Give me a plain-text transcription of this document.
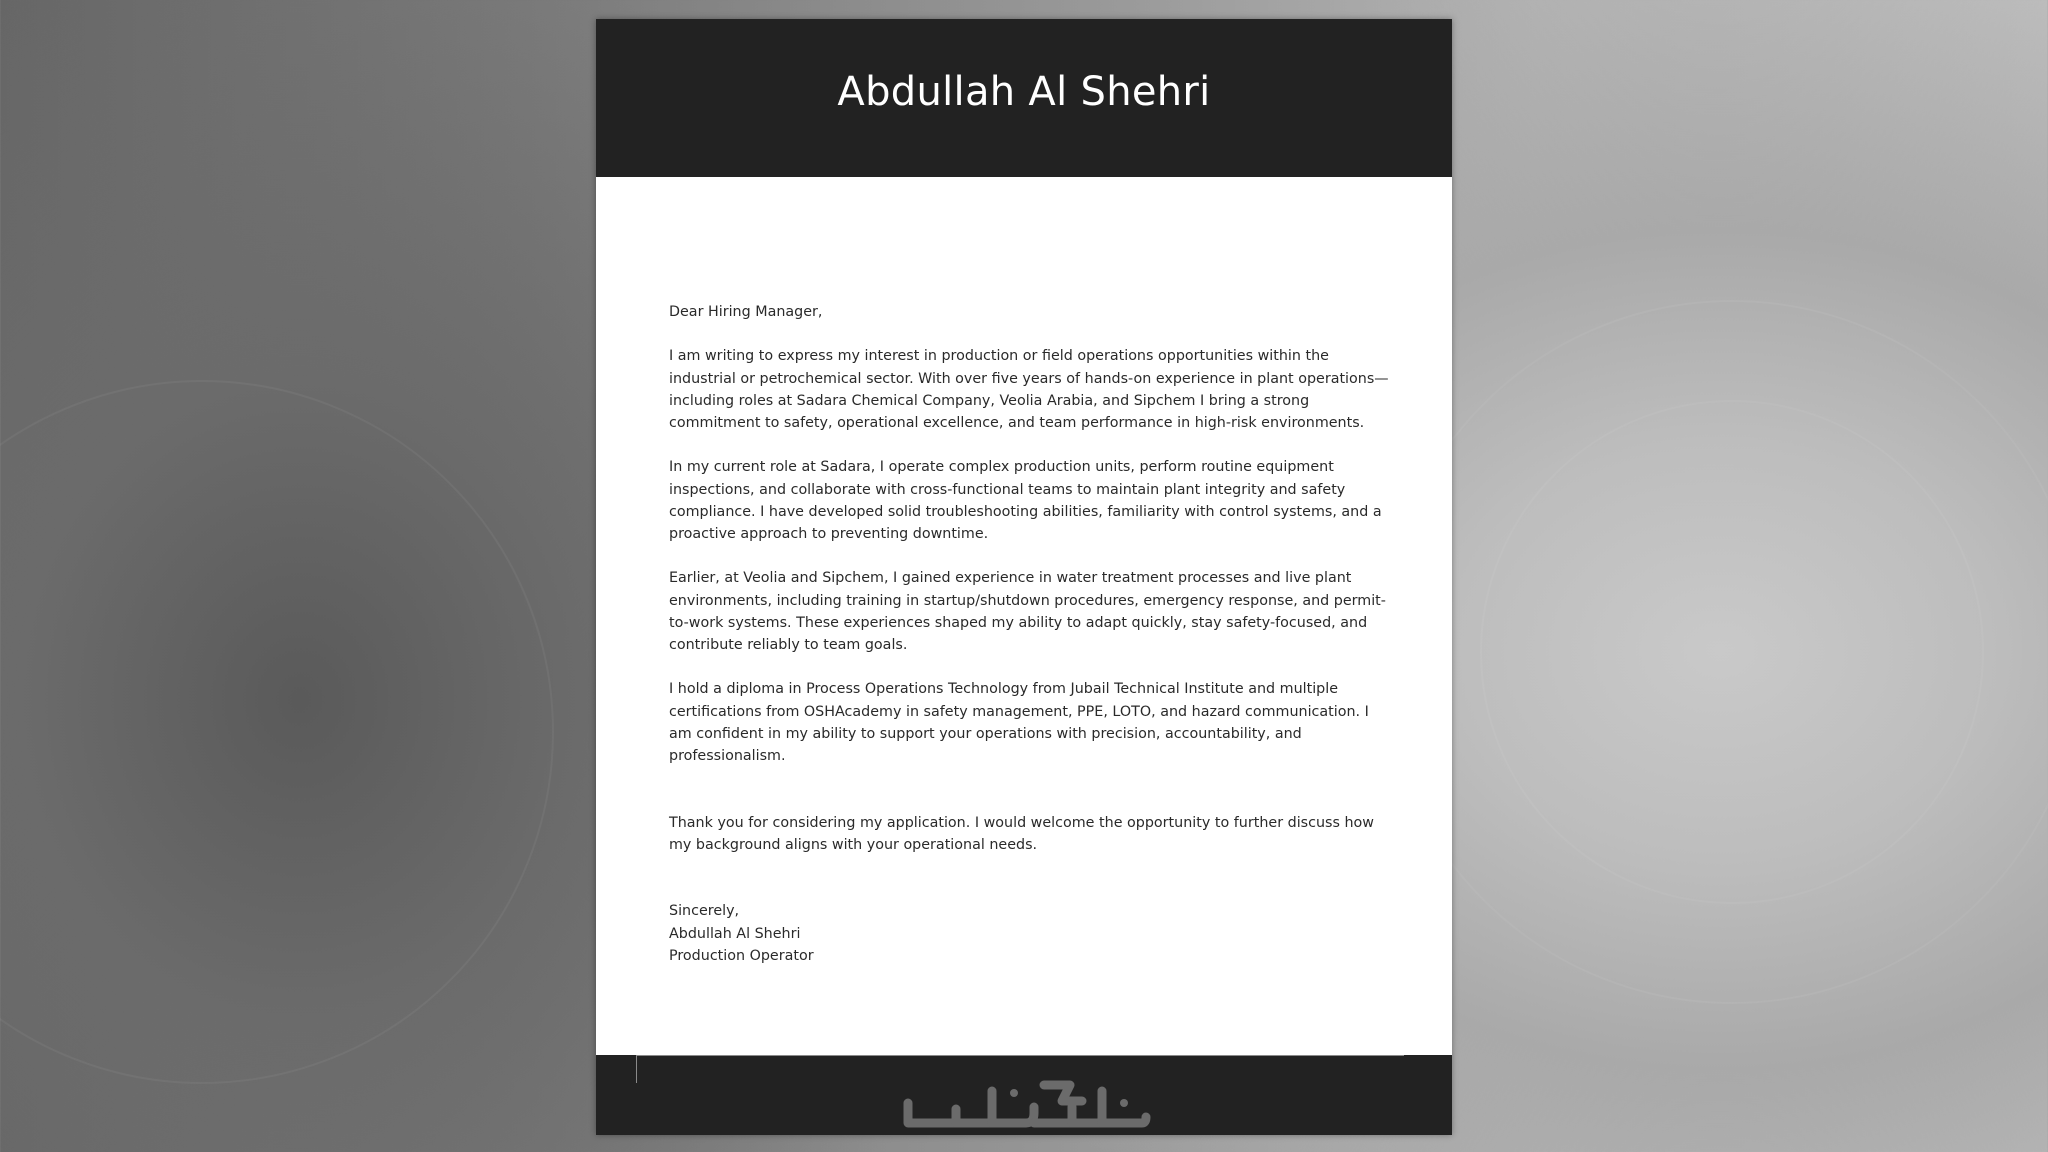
Abdullah Al Shehri

Dear Hiring Manager,

I am writing to express my interest in production or field operations opportunities within the industrial or petrochemical sector. With over five years of hands-on experience in plant operations—including roles at Sadara Chemical Company, Veolia Arabia, and Sipchem I bring a strong commitment to safety, operational excellence, and team performance in high-risk environments.

In my current role at Sadara, I operate complex production units, perform routine equipment inspections, and collaborate with cross-functional teams to maintain plant integrity and safety compliance. I have developed solid troubleshooting abilities, familiarity with control systems, and a proactive approach to preventing downtime.

Earlier, at Veolia and Sipchem, I gained experience in water treatment processes and live plant environments, including training in startup/shutdown procedures, emergency response, and permit-to-work systems. These experiences shaped my ability to adapt quickly, stay safety-focused, and contribute reliably to team goals.

I hold a diploma in Process Operations Technology from Jubail Technical Institute and multiple certifications from OSHAcademy in safety management, PPE, LOTO, and hazard communication. I am confident in my ability to support your operations with precision, accountability, and professionalism.

Thank you for considering my application. I would welcome the opportunity to further discuss how my background aligns with your operational needs.

Sincerely,

Abdullah Al Shehri

Production Operator
